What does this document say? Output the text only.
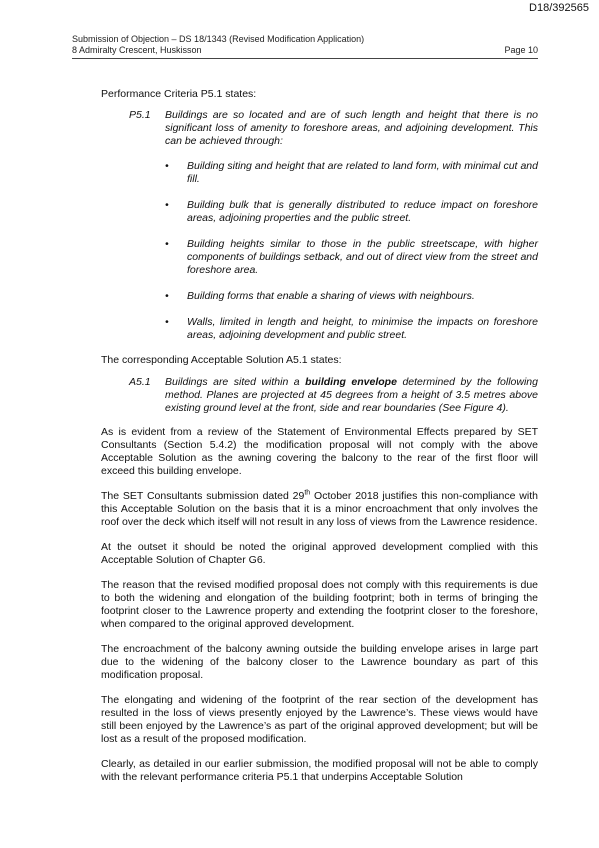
D18/392565
Submission of Objection – DS 18/1343 (Revised Modification Application)
8 Admiralty Crescent, Huskisson	Page 10

Performance Criteria P5.1 states:

P5.1	Buildings are so located and are of such length and height that there is no significant loss of amenity to foreshore areas, and adjoining development. This can be achieved through:

•	Building siting and height that are related to land form, with minimal cut and fill.
•	Building bulk that is generally distributed to reduce impact on foreshore areas, adjoining properties and the public street.
•	Building heights similar to those in the public streetscape, with higher components of buildings setback, and out of direct view from the street and foreshore area.
•	Building forms that enable a sharing of views with neighbours.
•	Walls, limited in length and height, to minimise the impacts on foreshore areas, adjoining development and public street.

The corresponding Acceptable Solution A5.1 states:

A5.1	Buildings are sited within a building envelope determined by the following method. Planes are projected at 45 degrees from a height of 3.5 metres above existing ground level at the front, side and rear boundaries (See Figure 4).

As is evident from a review of the Statement of Environmental Effects prepared by SET Consultants (Section 5.4.2) the modification proposal will not comply with the above Acceptable Solution as the awning covering the balcony to the rear of the first floor will exceed this building envelope.

The SET Consultants submission dated 29th October 2018 justifies this non-compliance with this Acceptable Solution on the basis that it is a minor encroachment that only involves the roof over the deck which itself will not result in any loss of views from the Lawrence residence.

At the outset it should be noted the original approved development complied with this Acceptable Solution of Chapter G6.

The reason that the revised modified proposal does not comply with this requirements is due to both the widening and elongation of the building footprint; both in terms of bringing the footprint closer to the Lawrence property and extending the footprint closer to the foreshore, when compared to the original approved development.

The encroachment of the balcony awning outside the building envelope arises in large part due to the widening of the balcony closer to the Lawrence boundary as part of this modification proposal.

The elongating and widening of the footprint of the rear section of the development has resulted in the loss of views presently enjoyed by the Lawrence’s. These views would have still been enjoyed by the Lawrence’s as part of the original approved development; but will be lost as a result of the proposed modification.

Clearly, as detailed in our earlier submission, the modified proposal will not be able to comply with the relevant performance criteria P5.1 that underpins Acceptable Solution
